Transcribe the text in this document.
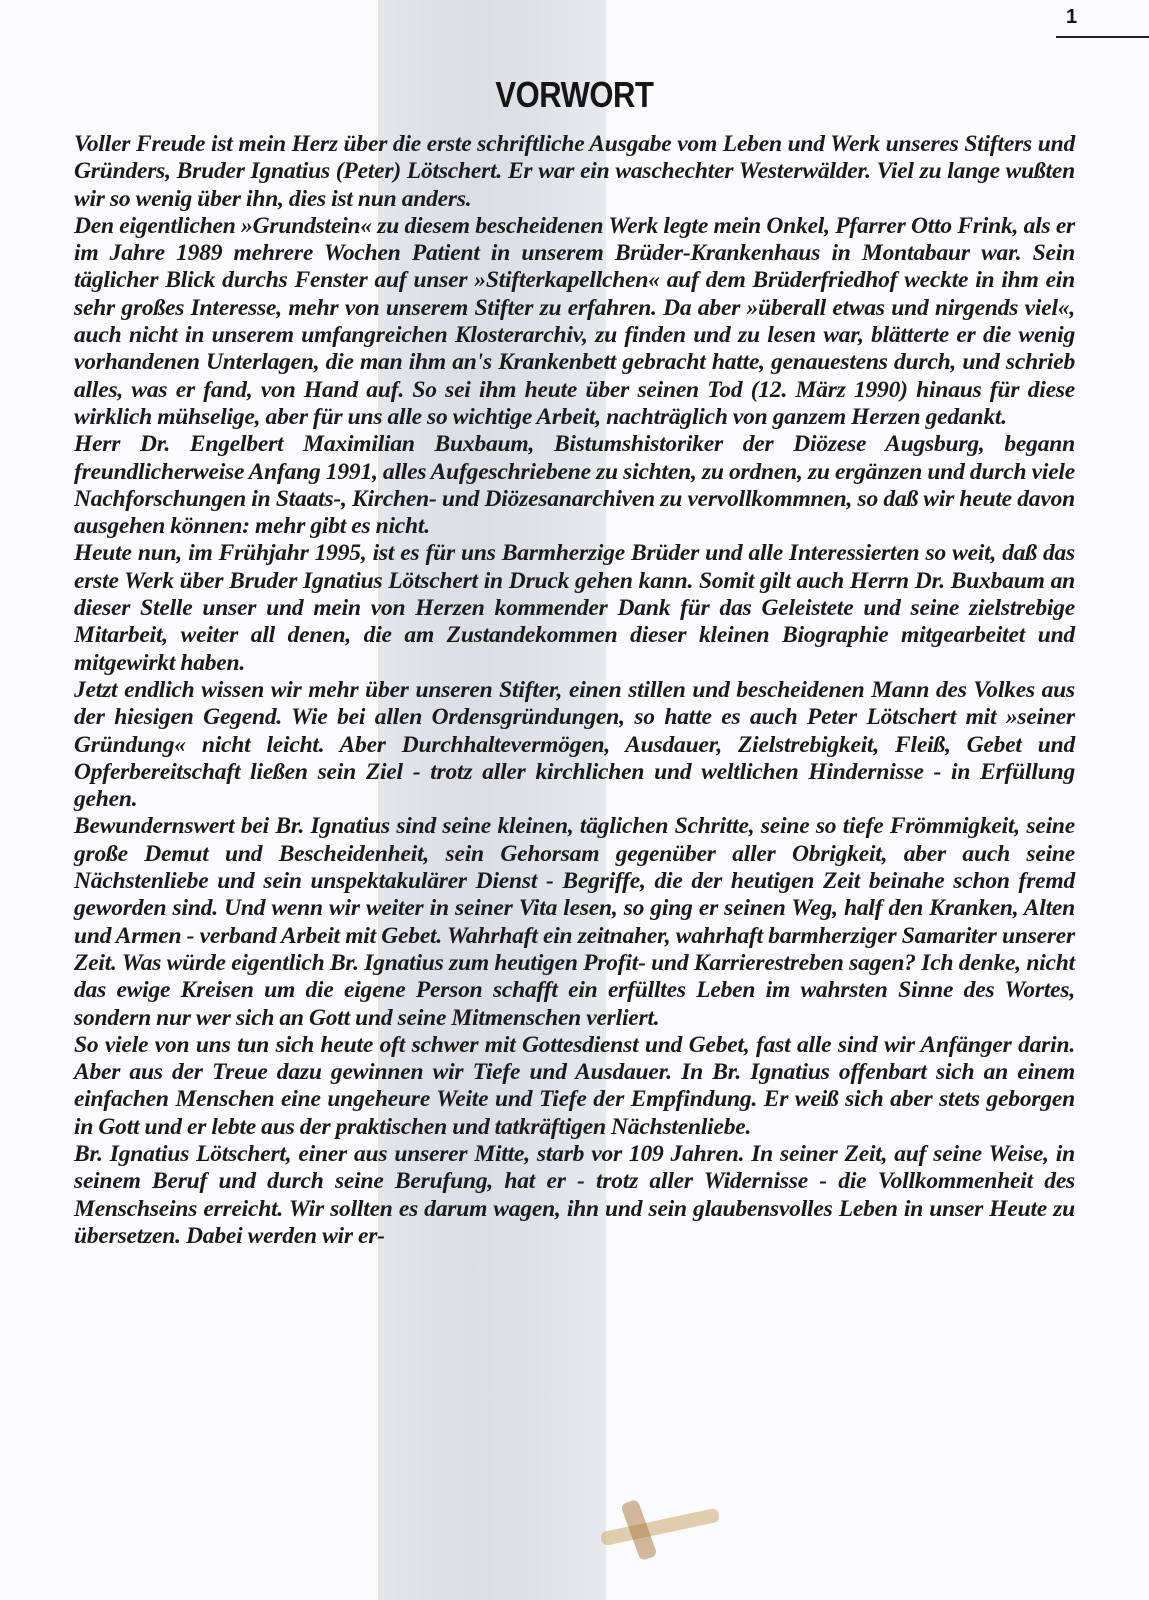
1
VORWORT

Voller Freude ist mein Herz über die erste schriftliche Ausgabe vom Leben und Werk unseres Stifters und Gründers, Bruder Ignatius (Peter) Lötschert. Er war ein waschechter Westerwälder. Viel zu lange wußten wir so wenig über ihn, dies ist nun anders.

Den eigentlichen »Grundstein« zu diesem bescheidenen Werk legte mein Onkel, Pfarrer Otto Frink, als er im Jahre 1989 mehrere Wochen Patient in unserem Brüder-Krankenhaus in Montabaur war. Sein täglicher Blick durchs Fenster auf unser »Stifterkapellchen« auf dem Brüderfriedhof weckte in ihm ein sehr großes Interesse, mehr von unserem Stifter zu erfahren. Da aber »überall etwas und nirgends viel«, auch nicht in unserem umfangreichen Klosterarchiv, zu finden und zu lesen war, blätterte er die wenig vorhandenen Unterlagen, die man ihm an's Krankenbett gebracht hatte, genauestens durch, und schrieb alles, was er fand, von Hand auf. So sei ihm heute über seinen Tod (12. März 1990) hinaus für diese wirklich mühselige, aber für uns alle so wichtige Arbeit, nachträglich von ganzem Herzen gedankt.

Herr Dr. Engelbert Maximilian Buxbaum, Bistumshistoriker der Diözese Augsburg, begann freundlicherweise Anfang 1991, alles Aufgeschriebene zu sichten, zu ordnen, zu ergänzen und durch viele Nachforschungen in Staats-, Kirchen- und Diözesanarchiven zu vervollkommnen, so daß wir heute davon ausgehen können: mehr gibt es nicht.

Heute nun, im Frühjahr 1995, ist es für uns Barmherzige Brüder und alle Interessierten so weit, daß das erste Werk über Bruder Ignatius Lötschert in Druck gehen kann. Somit gilt auch Herrn Dr. Buxbaum an dieser Stelle unser und mein von Herzen kommender Dank für das Geleistete und seine zielstrebige Mitarbeit, weiter all denen, die am Zustandekommen dieser kleinen Biographie mitgearbeitet und mitgewirkt haben.

Jetzt endlich wissen wir mehr über unseren Stifter, einen stillen und bescheidenen Mann des Volkes aus der hiesigen Gegend. Wie bei allen Ordensgründungen, so hatte es auch Peter Lötschert mit »seiner Gründung« nicht leicht. Aber Durchhaltevermögen, Ausdauer, Zielstrebigkeit, Fleiß, Gebet und Opferbereitschaft ließen sein Ziel - trotz aller kirchlichen und weltlichen Hindernisse - in Erfüllung gehen.

Bewundernswert bei Br. Ignatius sind seine kleinen, täglichen Schritte, seine so tiefe Frömmigkeit, seine große Demut und Bescheidenheit, sein Gehorsam gegenüber aller Obrigkeit, aber auch seine Nächstenliebe und sein unspektakulärer Dienst - Begriffe, die der heutigen Zeit beinahe schon fremd geworden sind. Und wenn wir weiter in seiner Vita lesen, so ging er seinen Weg, half den Kranken, Alten und Armen - verband Arbeit mit Gebet. Wahrhaft ein zeitnaher, wahrhaft barmherziger Samariter unserer Zeit. Was würde eigentlich Br. Ignatius zum heutigen Profit- und Karrierestreben sagen? Ich denke, nicht das ewige Kreisen um die eigene Person schafft ein erfülltes Leben im wahrsten Sinne des Wortes, sondern nur wer sich an Gott und seine Mitmenschen verliert.

So viele von uns tun sich heute oft schwer mit Gottesdienst und Gebet, fast alle sind wir Anfänger darin. Aber aus der Treue dazu gewinnen wir Tiefe und Ausdauer. In Br. Ignatius offenbart sich an einem einfachen Menschen eine ungeheure Weite und Tiefe der Empfindung. Er weiß sich aber stets geborgen in Gott und er lebte aus der praktischen und tatkräftigen Nächstenliebe.

Br. Ignatius Lötschert, einer aus unserer Mitte, starb vor 109 Jahren. In seiner Zeit, auf seine Weise, in seinem Beruf und durch seine Berufung, hat er - trotz aller Widernisse - die Vollkommenheit des Menschseins erreicht. Wir sollten es darum wagen, ihn und sein glaubensvolles Leben in unser Heute zu übersetzen. Dabei werden wir er-
